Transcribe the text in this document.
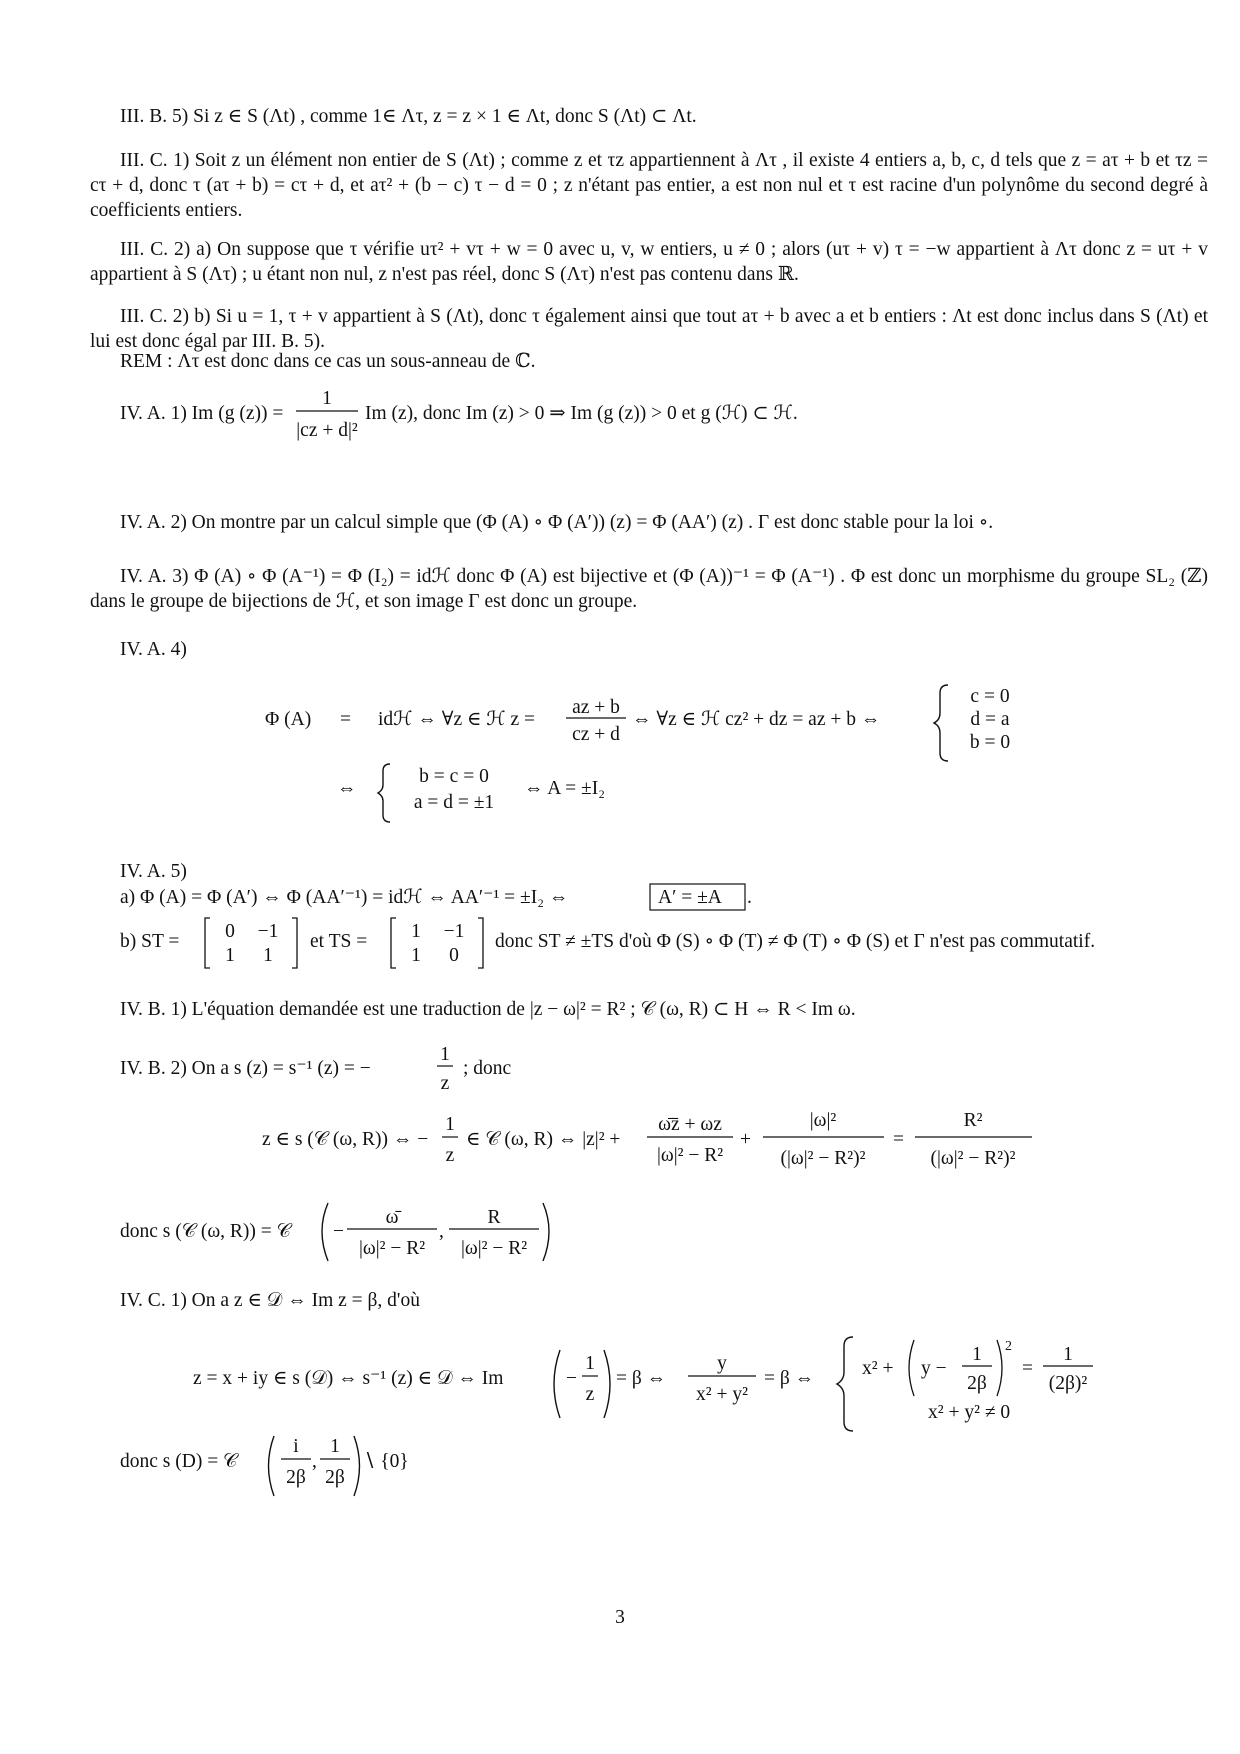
III. B. 5) Si z ∈ S (Λt) , comme 1∈ Λτ, z = z × 1 ∈ Λt, donc S (Λt) ⊂ Λt.
III. C. 1) Soit z un élément non entier de S (Λt) ; comme z et τz appartiennent à Λτ , il existe 4 entiers a, b, c, d tels que z = aτ + b et τz = cτ + d, donc τ (aτ + b) = cτ + d, et aτ² + (b − c) τ − d = 0 ; z n'étant pas entier, a est non nul et τ est racine d'un polynôme du second degré à coefficients entiers.
III. C. 2) a) On suppose que τ vérifie uτ² + vτ + w = 0 avec u, v, w entiers, u ≠ 0 ; alors (uτ + v) τ = −w appartient à Λτ donc z = uτ + v appartient à S (Λτ) ; u étant non nul, z n'est pas réel, donc S (Λτ) n'est pas contenu dans ℝ.
III. C. 2) b) Si u = 1, τ + v appartient à S (Λt), donc τ également ainsi que tout aτ + b avec a et b entiers : Λt est donc inclus dans S (Λt) et lui est donc égal par III. B. 5).
REM : Λτ est donc dans ce cas un sous-anneau de ℂ.
IV. A. 1) Im (g (z)) =
1
|cz + d|²
Im (z), donc Im (z) > 0 ⇒ Im (g (z)) > 0 et g (ℋ) ⊂ ℋ.
IV. A. 2) On montre par un calcul simple que (Φ (A) ∘ Φ (A′)) (z) = Φ (AA′) (z) . Γ est donc stable pour la loi ∘.
IV. A. 4)
Φ (A) = idℋ ⇔ ∀z ∈ ℋ z =
az + b
cz + d
⇔ ∀z ∈ ℋ cz² + dz = az + b ⇔
c = 0
d = a
b = 0
⇔
b = c = 0
a = d = ±1
⇔ A = ±I₂
IV. A. 5)
a) Φ (A) = Φ (A′) ⇔ Φ (AA′⁻¹) = idℋ ⇔ AA′⁻¹ = ±I₂ ⇔	A′ = ±A .
b) ST = 0 −1
1 1
et TS = 1 −1
1 0
donc ST ≠ ±TS d'où Φ (S) ∘ Φ (T) ≠ Φ (T) ∘ Φ (S) et Γ n'est pas commutatif.
IV. B. 1) L'équation demandée est une traduction de |z − ω|² = R² ; 𝒞 (ω, R) ⊂ H ⇔ R < Im ω.
IV. B. 2) On a s (z) = s⁻¹ (z) = −
1
z
; donc
z ∈ s (𝒞 (ω, R)) ⇔ −
1
z
∈ 𝒞 (ω, R) ⇔ |z|² +
ω̄z̄ + ωz
|ω|² − R²
+
|ω|²
(|ω|² − R²)²
=
R²
(|ω|² − R²)²
donc s (𝒞 (ω, R)) = 𝒞 −
ω̄
|ω|² − R²
,
R
|ω|² − R²
IV. C. 1) On a z ∈ 𝒟 ⇔ Im z = β, d'où
z = x + iy ∈ s (𝒟) ⇔ s⁻¹ (z) ∈ 𝒟 ⇔ Im	−
1
z
= β ⇔
y
x² + y²
= β ⇔ x² + y −
1
2β
2
=
1
(2β)²
x² + y² ≠ 0
donc s (D) = 𝒞
i
2β
,
1
2β
∖ {0}
IV. A. 3) Φ (A) ∘ Φ (A⁻¹) = Φ (I₂) = idℋ donc Φ (A) est bijective et (Φ (A))⁻¹ = Φ (A⁻¹) . Φ est donc un morphisme du groupe SL₂ (ℤ) dans le groupe de bijections de ℋ, et son image Γ est donc un groupe.
3
